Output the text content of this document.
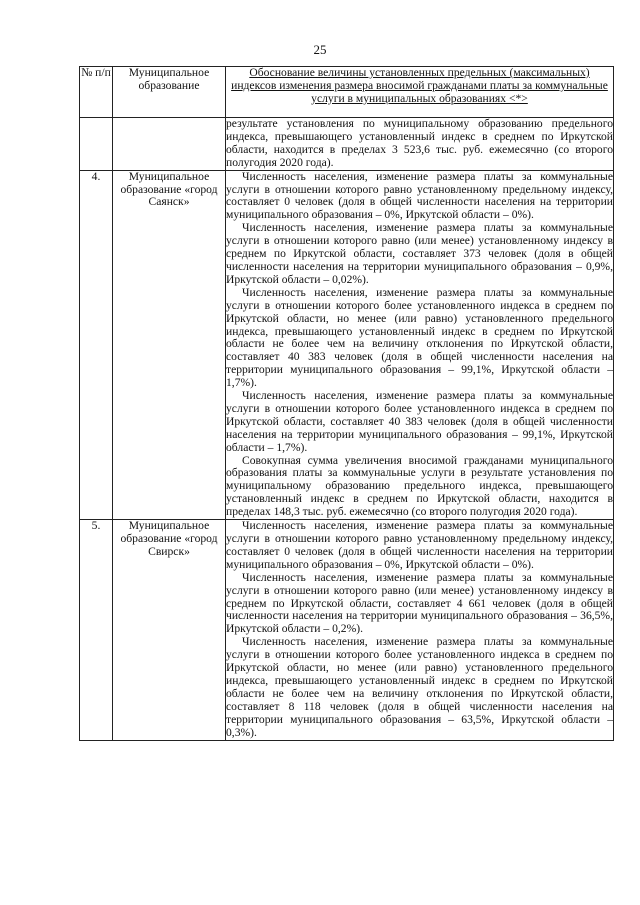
25
№ п/п	Муниципальное образование	Обоснование величины установленных предельных (максимальных) индексов изменения размера вносимой гражданами платы за коммунальные услуги в муниципальных образованиях <*>

		результате установления по муниципальному образованию предельного индекса, превышающего установленный индекс в среднем по Иркутской области, находится в пределах 3 523,6 тыс. руб. ежемесячно (со второго полугодия 2020 года).

4.	Муниципальное образование «город Саянск»	Численность населения, изменение размера платы за коммунальные услуги в отношении которого равно установленному предельному индексу, составляет 0 человек (доля в общей численности населения на территории муниципального образования – 0%, Иркутской области – 0%).

Численность населения, изменение размера платы за коммунальные услуги в отношении которого равно (или менее) установленному индексу в среднем по Иркутской области, составляет 373 человек (доля в общей численности населения на территории муниципального образования – 0,9%, Иркутской области – 0,02%).

Численность населения, изменение размера платы за коммунальные услуги в отношении которого более установленного индекса в среднем по Иркутской области, но менее (или равно) установленного предельного индекса, превышающего установленный индекс в среднем по Иркутской области не более чем на величину отклонения по Иркутской области, составляет 40 383 человек (доля в общей численности населения на территории муниципального образования – 99,1%, Иркутской области – 1,7%).

Численность населения, изменение размера платы за коммунальные услуги в отношении которого более установленного индекса в среднем по Иркутской области, составляет 40 383 человек (доля в общей численности населения на территории муниципального образования – 99,1%, Иркутской области – 1,7%).

Совокупная сумма увеличения вносимой гражданами муниципального образования платы за коммунальные услуги в результате установления по муниципальному образованию предельного индекса, превышающего установленный индекс в среднем по Иркутской области, находится в пределах 148,3 тыс. руб. ежемесячно (со второго полугодия 2020 года).

5.	Муниципальное образование «город Свирск»	Численность населения, изменение размера платы за коммунальные услуги в отношении которого равно установленному предельному индексу, составляет 0 человек (доля в общей численности населения на территории муниципального образования – 0%, Иркутской области – 0%).

Численность населения, изменение размера платы за коммунальные услуги в отношении которого равно (или менее) установленному индексу в среднем по Иркутской области, составляет 4 661 человек (доля в общей численности населения на территории муниципального образования – 36,5%, Иркутской области – 0,2%).

Численность населения, изменение размера платы за коммунальные услуги в отношении которого более установленного индекса в среднем по Иркутской области, но менее (или равно) установленного предельного индекса, превышающего установленный индекс в среднем по Иркутской области не более чем на величину отклонения по Иркутской области, составляет 8 118 человек (доля в общей численности населения на территории муниципального образования – 63,5%, Иркутской области – 0,3%).
